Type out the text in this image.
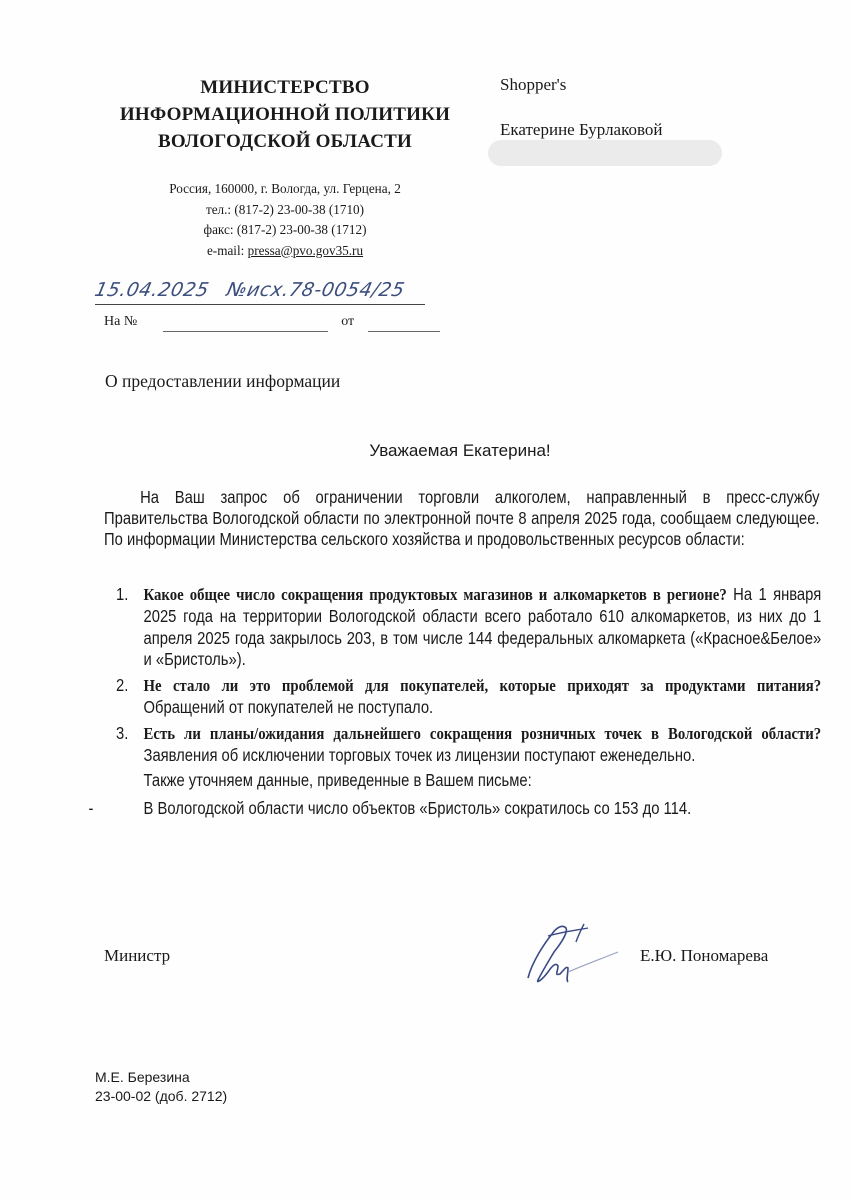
МИНИСТЕРСТВО
ИНФОРМАЦИОННОЙ ПОЛИТИКИ
ВОЛОГОДСКОЙ ОБЛАСТИ
Россия, 160000, г. Вологда, ул. Герцена, 2
тел.: (817-2) 23-00-38 (1710)
факс: (817-2) 23-00-38 (1712)
e-mail: pressa@pvo.gov35.ru
Shopper's
Екатерине Бурлаковой
15.04.2025 №исх.78-0054/25
На №	от
О предоставлении информации
Уважаемая Екатерина!
На Ваш запрос об ограничении торговли алкоголем, направленный в пресс-службу Правительства Вологодской области по электронной почте 8 апреля 2025 года, сообщаем следующее. По информации Министерства сельского хозяйства и продовольственных ресурсов области:
1. Какое общее число сокращения продуктовых магазинов и алкомаркетов в регионе? На 1 января 2025 года на территории Вологодской области всего работало 610 алкомаркетов, из них до 1 апреля 2025 года закрылось 203, в том числе 144 федеральных алкомаркета («Красное&Белое» и «Бристоль»).
2. Не стало ли это проблемой для покупателей, которые приходят за продуктами питания? Обращений от покупателей не поступало.
3. Есть ли планы/ожидания дальнейшего сокращения розничных точек в Вологодской области? Заявления об исключении торговых точек из лицензии поступают еженедельно.
Также уточняем данные, приведенные в Вашем письме:
-	В Вологодской области число объектов «Бристоль» сократилось со 153 до 114.
Министр	Е.Ю. Пономарева
М.Е. Березина
23-00-02 (доб. 2712)
